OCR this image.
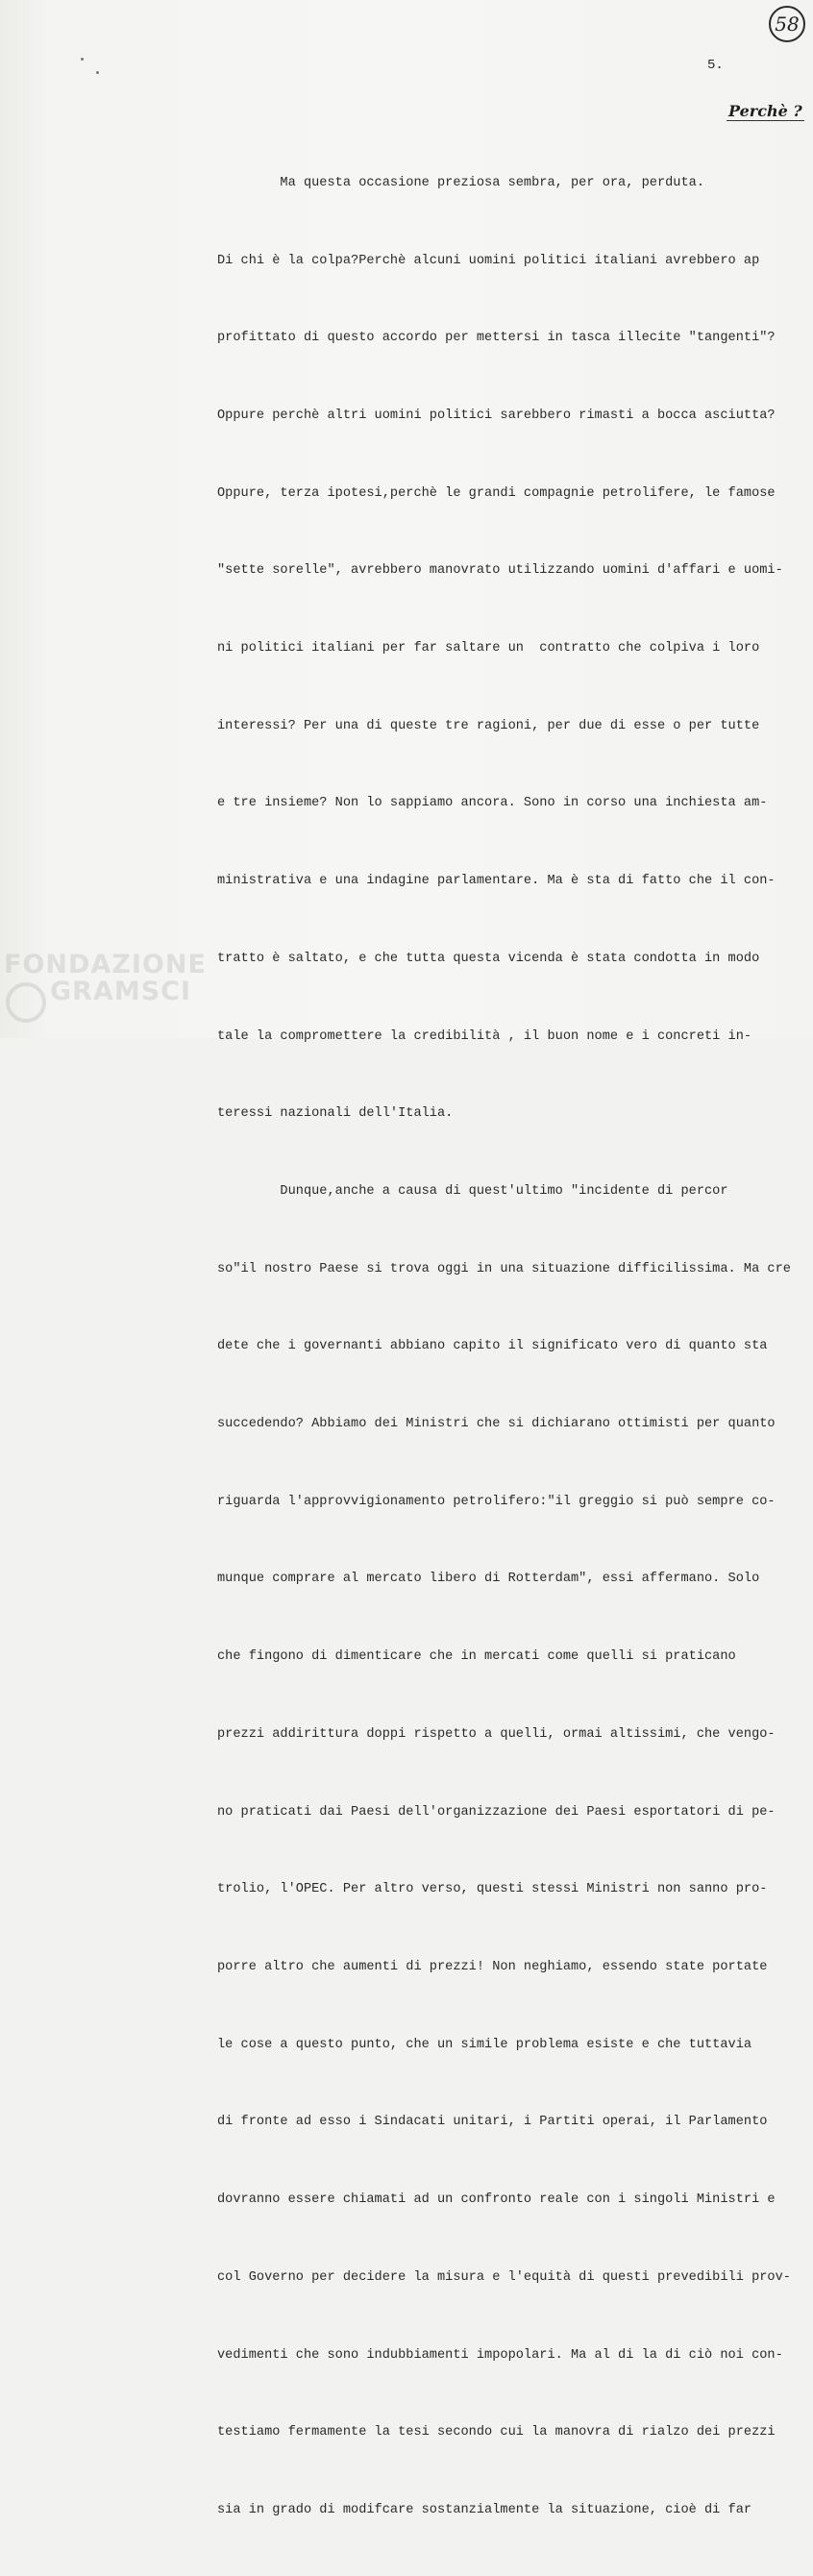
58
5.
Perchè ?

Ma questa occasione preziosa sembra, per ora, perduta.

Di chi è la colpa?Perchè alcuni uomini politici italiani avrebbero ap

profittato di questo accordo per mettersi in tasca illecite "tangenti"?

Oppure perchè altri uomini politici sarebbero rimasti a bocca asciutta?

Oppure, terza ipotesi,perchè le grandi compagnie petrolifere, le famose

"sette sorelle", avrebbero manovrato utilizzando uomini d'affari e uomi-

ni politici italiani per far saltare un  contratto che colpiva i loro

interessi? Per una di queste tre ragioni, per due di esse o per tutte

e tre insieme? Non lo sappiamo ancora. Sono in corso una inchiesta am-

ministrativa e una indagine parlamentare. Ma è sta di fatto che il con-

tratto è saltato, e che tutta questa vicenda è stata condotta in modo

tale la compromettere la credibilità , il buon nome e i concreti in-

teressi nazionali dell'Italia.

Dunque,anche a causa di quest'ultimo "incidente di percor

so"il nostro Paese si trova oggi in una situazione difficilissima. Ma cre

dete che i governanti abbiano capito il significato vero di quanto sta

succedendo? Abbiamo dei Ministri che si dichiarano ottimisti per quanto

riguarda l'approvvigionamento petrolifero:"il greggio si può sempre co-

munque comprare al mercato libero di Rotterdam", essi affermano. Solo

che fingono di dimenticare che in mercati come quelli si praticano

prezzi addirittura doppi rispetto a quelli, ormai altissimi, che vengo-

no praticati dai Paesi dell'organizzazione dei Paesi esportatori di pe-

trolio, l'OPEC. Per altro verso, questi stessi Ministri non sanno pro-

porre altro che aumenti di prezzi! Non neghiamo, essendo state portate

le cose a questo punto, che un simile problema esiste e che tuttavia

di fronte ad esso i Sindacati unitari, i Partiti operai, il Parlamento

dovranno essere chiamati ad un confronto reale con i singoli Ministri e

col Governo per decidere la misura e l'equità di questi prevedibili prov-

vedimenti che sono indubbiamenti impopolari. Ma al di la di ciò noi con-

testiamo fermamente la tesi secondo cui la manovra di rialzo dei prezzi

sia in grado di modifcare sostanzialmente la situazione, cioè di far

FONDAZIONE
GRAMSCI
